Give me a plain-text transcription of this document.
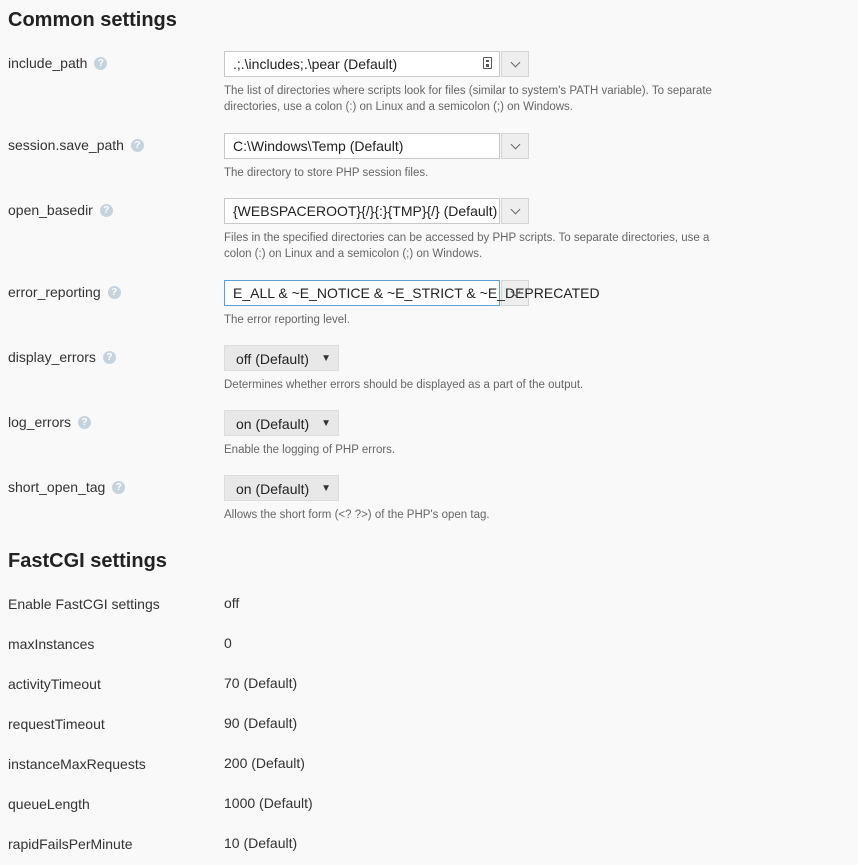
Common settings
include_path	?	.;.\includes;.\pear (Default)
The list of directories where scripts look for files (similar to system's PATH variable). To separate directories, use a colon (:) on Linux and a semicolon (;) on Windows.
session.save_path	?	C:\Windows\Temp (Default)
The directory to store PHP session files.
open_basedir	?	{WEBSPACEROOT}{/}{:}{TMP}{/} (Default)
Files in the specified directories can be accessed by PHP scripts. To separate directories, use a colon (:) on Linux and a semicolon (;) on Windows.
error_reporting	?	E_ALL & ~E_NOTICE & ~E_STRICT & ~E_DEPRECATED
The error reporting level.
display_errors	?	off (Default) ▼
Determines whether errors should be displayed as a part of the output.
log_errors	?	on (Default) ▼
Enable the logging of PHP errors.
short_open_tag	?	on (Default) ▼
Allows the short form (<? ?>) of the PHP's open tag.
FastCGI settings
Enable FastCGI settings	off
maxInstances	0
activityTimeout	70 (Default)
requestTimeout	90 (Default)
instanceMaxRequests	200 (Default)
queueLength	1000 (Default)
rapidFailsPerMinute	10 (Default)
